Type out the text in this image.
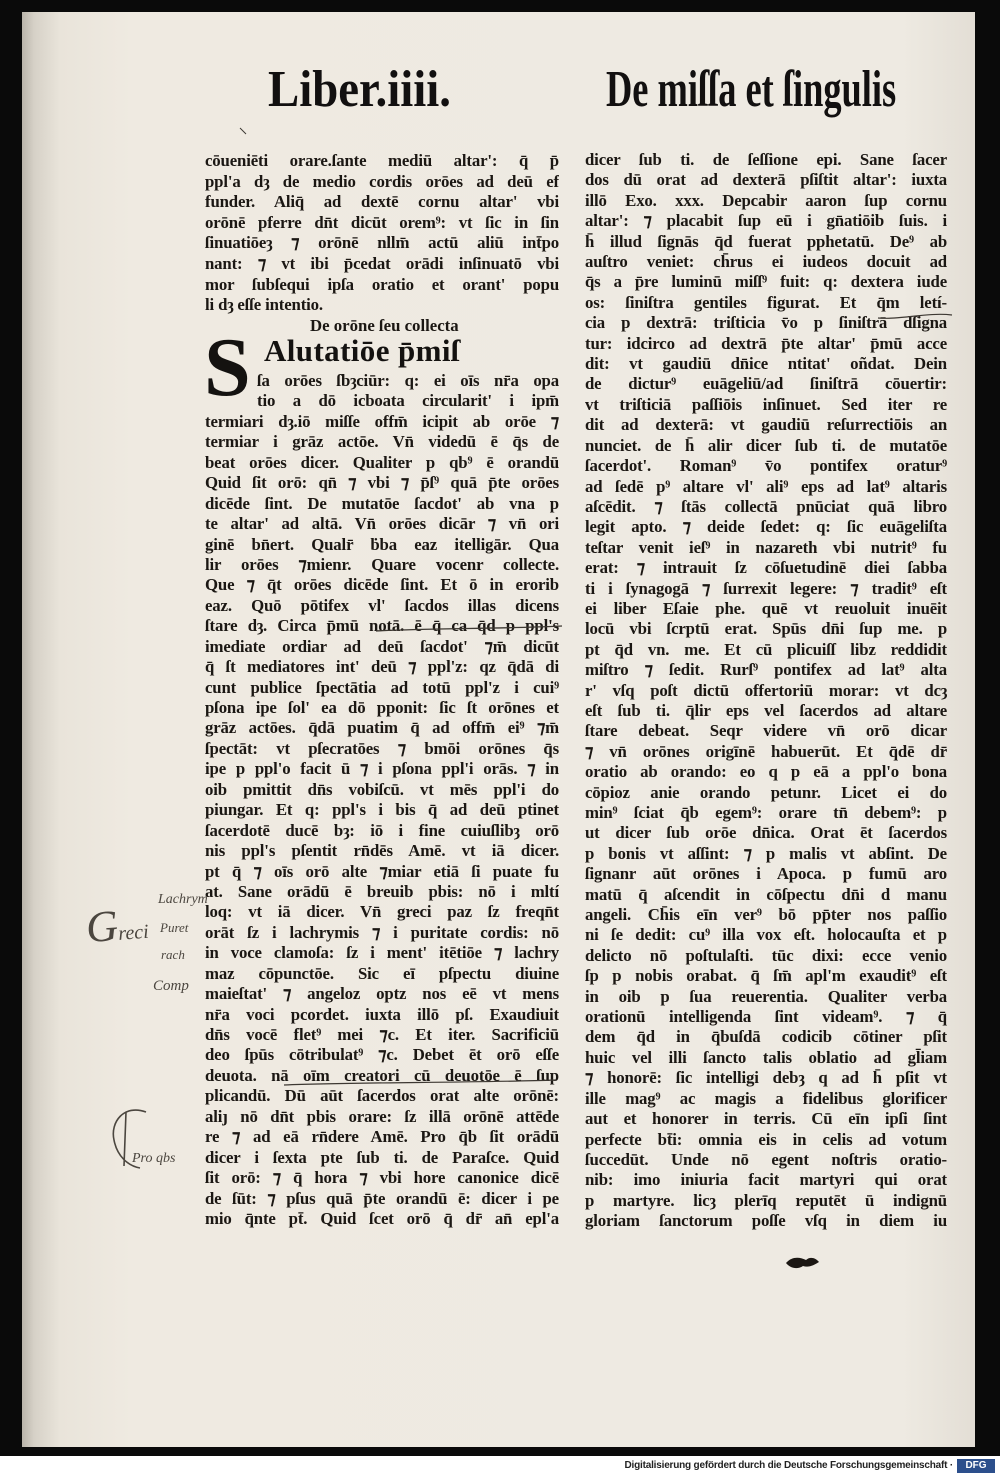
Liber.iiii.	De miſſa et ſingulis
cōueniēti orare.ſante mediū altar': q̄ p̄
ppl'a dȝ de medio cordis orōes ad deū ef
funder. Aliq̄ ad dextē cornu altar' vbi
orōnē pferre dn̄t dicūt orem⁹: vt ſic in ſin
ſinuatiōeȝ ⁊ orōnē nllm̄ actū aliū int̄po
nant: ⁊ vt ibi p̄cedat orādi inſinuatō vbi
mor ſubſequi ipſa oratio et orant' popu
li dȝ eſſe intentio.
De orōne ſeu collecta
S Alutatiōe p̄miſ
ſa orōes ſbȝciūr: q: ei oīs nr̄a opa
tio a dō icboata circularit' i ipm̄
termiari dȝ.iō miſſe offm̄ icipit ab orōe ⁊
termiar i grāz actōe. Vn̄ videdū ē q̄s de
beat orōes dicer. Qualiter p qb⁹ ē orandū
Quid ſit orō: qn̄ ⁊ vbi ⁊ p̄ſ⁹ quā p̄te orōes
dicēde ſint. De mutatōe ſacdot' ab vna p
te altar' ad altā. Vn̄ orōes dicār ⁊ vn̄ ori
ginē bn̄ert. Qualr̄ ḃba eaz itelligār. Qua
lir orōes ⁊mienr. Quare vocenr collecte.
Que ⁊ q̄t orōes dicēde ſint. Et ō in erorib
eaz. Quō pōtifex vl' ſacdos illas dicens
ſtare dȝ. Circa p̄mū notā. ē q̄ ca q̄d p ppl's
imediate ordiar ad deū ſacdot' ⁊m̄ dicūt
q̄ ſt mediatores int' deū ⁊ ppl'z: qz q̄dā di
cunt publice ſpectātia ad totū ppl'z i cui⁹
pſona ipe ſol' ea dō pponit: ſic ſt orōnes et
grāz actōes. q̄dā puatim q̄ ad offm̄ ei⁹ ⁊m̄
ſpectāt: vt pſecratōes ⁊ bmōi orōnes q̄s
ipe p ppl'o facit ū ⁊ i pſona ppl'i orās. ⁊ in
oib pmittit dn̄s vobiſcū. vt mēs ppl'i do
piungar. Et q: ppl's i bis q̄ ad deū ptinet
ſacerdotē ducē bȝ: iō i fine cuiuſlibȝ orō
nis ppl's pſentit rn̄dēs Amē. vt iā dicer.
pt q̄ ⁊ oīs orō alte ⁊miar etiā ſi puate fu
at. Sane orādū ē breuib pbis: nō i mltí
loq: vt iā dicer. Vn̄ greci paz ſz freqn̄t
orāt ſz i lachrymis ⁊ i puritate cordis: nō
in voce clamoſa: ſz i ment' itētiōe ⁊ lachry
maz cōpunctōe. Sic eī pſpectu diuine
maieſtat' ⁊ angeloz optz nos eē vt mens
nr̄a voci pcordet. iuxta illō pſ. Exaudiuit
dn̄s vocē flet⁹ mei ⁊c. Et iter. Sacrificiū
deo ſpūs cōtribulat⁹ ⁊c. Debet ēt orō eſſe
deuota. nā oīm creatori cū deuotōe ē ſup
plicandū. Dū aūt ſacerdos orat alte orōnē:
aliȷ nō dn̄t pbis orare: ſz illā orōnē attēde
re ⁊ ad eā rn̄dere Amē. Pro q̄b ſit orādū
dicer i ſexta pte ſub ti. de Paraſce. Quid
ſit orō: ⁊ q̄ hora ⁊ vbi hore canonice dicē
de ſūt: ⁊ pſus quā p̄te orandū ē: dicer i pe
mio q̄nte pt̄. Quid ſcet orō q̄ dr̄ an̄ epl'a
dicer ſub ti. de ſeſſione epi. Sane ſacer
dos dū orat ad dexterā pſiſtit altar': iuxta
illō Exo. xxx. Depcabir aaron ſup cornu
altar': ⁊ placabit ſup eū i gn̄atiōib ſuis. i
h̄ illud ſignās q̄d fuerat pphetatū. De⁹ ab
auſtro veniet: ch̄rus ei iudeos docuit ad
q̄s a p̄re luminū miſſ⁹ fuit: q: dextera iude
os: ſiniſtra gentiles figurat. Et q̄m letí-
cia p dextrā: triſticia v̄o p ſiniſtrā dſigna
tur: idcirco ad dextrā p̄te altar' p̄mū acce
dit: vt gaudiū dn̄ice ntitat' oñdat. Dein
de dictur⁹ euāgeliū/ad ſiniſtrā cōuertir:
vt triſticiā paſſiōis inſinuet. Sed iter re
dit ad dexterā: vt gaudiū reſurrectiōis an
nunciet. de h̄ alir dicer ſub ti. de mutatōe
ſacerdot'. Roman⁹ v̄o pontifex oratur⁹
ad ſedē p⁹ altare vl' ali⁹ eps ad lat⁹ altaris
aſcēdit. ⁊ ſtās collectā pnūciat quā libro
legit apto. ⁊ deide ſedet: q: ſic euāgeliſta
teſtar venit ieſ⁹ in nazareth vbi nutrit⁹ fu
erat: ⁊ intrauit ſz cōſuetudinē diei ſabba
ti i ſynagogā ⁊ ſurrexit legere: ⁊ tradit⁹ eſt
ei liber Eſaie phe. quē vt reuoluit inuēit
locū vbi ſcrptū erat. Spūs dn̄i ſup me. p
pt q̄d vn. me. Et cū plicuiſſ libz reddidit
miſtro ⁊ ſedit. Rurſ⁹ pontifex ad lat⁹ alta
r' vſq poſt dictū offertoriū morar: vt dcȝ
eſt ſub ti. q̄lir eps vel ſacerdos ad altare
ſtare debeat. Seqr videre vn̄ orō dicar
⁊ vn̄ orōnes origīnē habuerūt. Et q̄dē dr̄
oratio ab orando: eo q p eā a ppl'o bona
cōpioz anie orando petunr. Licet ei do
min⁹ ſciat q̄b egem⁹: orare tn̄ debem⁹: p
ut dicer ſub orōe dn̄ica. Orat ēt ſacerdos
p bonis vt aſſint: ⁊ p malis vt abſint. De
ſignanr aūt orōnes i Apoca. p fumū aro
matū q̄ aſcendit in cōſpectu dn̄i d manu
angeli. Ch̄is eīn ver⁹ bō pp̄ter nos paſſio
ni ſe dedit: cu⁹ illa vox eſt. holocauſta et p
delicto nō poſtulaſti. tūc dixi: ecce venio
ſp p nobis orabat. q̄ ſm̄ apl'm exaudit⁹ eſt
in oib p ſua reuerentia. Qualiter verba
orationū intelligenda ſint videam⁹. ⁊ q̄
dem q̄d in q̄buſdā codicib cōtiner pſit
huic vel illi ſancto talis oblatio ad gl̄iam
⁊ honorē: ſic intelligi debȝ q ad h̄ pſit vt
ille mag⁹ ac magis a fidelibus glorificer
aut et honorer in terris. Cū eīn ipſi ſint
perfecte bt̄i: omnia eis in celis ad votum
ſuccedūt. Unde nō egent noſtris oratio-
nib: imo iniuria facit martyri qui orat
p martyre. licȝ plerīq reputēt ū indignū
gloriam ſanctorum poſſe vſq in diem iu
Lachrym
Greci Puret
rach
Comp
Pro qbs
Digitalisierung gefördert durch die Deutsche Forschungsgemeinschaft ·	DFG
